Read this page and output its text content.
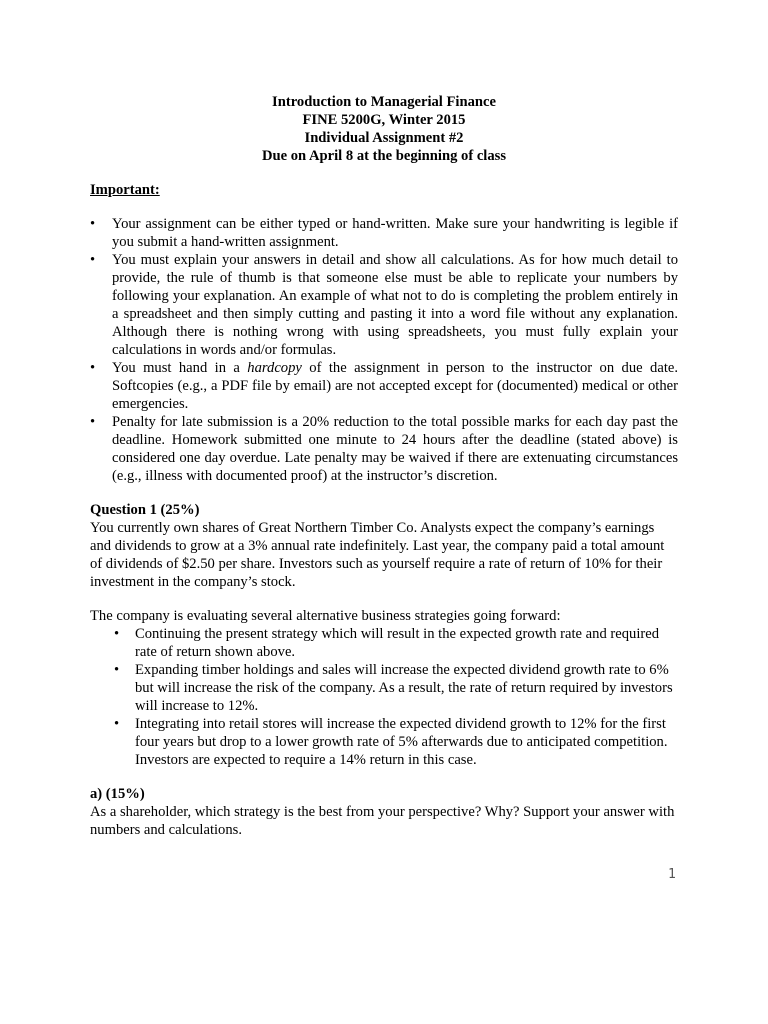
Introduction to Managerial Finance
FINE 5200G, Winter 2015
Individual Assignment #2
Due on April 8 at the beginning of class

Important:

• Your assignment can be either typed or hand-written. Make sure your handwriting is legible if you submit a hand-written assignment.
• You must explain your answers in detail and show all calculations. As for how much detail to provide, the rule of thumb is that someone else must be able to replicate your numbers by following your explanation. An example of what not to do is completing the problem entirely in a spreadsheet and then simply cutting and pasting it into a word file without any explanation. Although there is nothing wrong with using spreadsheets, you must fully explain your calculations in words and/or formulas.
• You must hand in a hardcopy of the assignment in person to the instructor on due date. Softcopies (e.g., a PDF file by email) are not accepted except for (documented) medical or other emergencies.
• Penalty for late submission is a 20% reduction to the total possible marks for each day past the deadline. Homework submitted one minute to 24 hours after the deadline (stated above) is considered one day overdue. Late penalty may be waived if there are extenuating circumstances (e.g., illness with documented proof) at the instructor’s discretion.

Question 1 (25%)

You currently own shares of Great Northern Timber Co. Analysts expect the company’s earnings and dividends to grow at a 3% annual rate indefinitely. Last year, the company paid a total amount of dividends of $2.50 per share. Investors such as yourself require a rate of return of 10% for their investment in the company’s stock.

The company is evaluating several alternative business strategies going forward:

• Continuing the present strategy which will result in the expected growth rate and required rate of return shown above.
• Expanding timber holdings and sales will increase the expected dividend growth rate to 6% but will increase the risk of the company. As a result, the rate of return required by investors will increase to 12%.
• Integrating into retail stores will increase the expected dividend growth to 12% for the first four years but drop to a lower growth rate of 5% afterwards due to anticipated competition. Investors are expected to require a 14% return in this case.

a) (15%)

As a shareholder, which strategy is the best from your perspective? Why? Support your answer with numbers and calculations.

1
